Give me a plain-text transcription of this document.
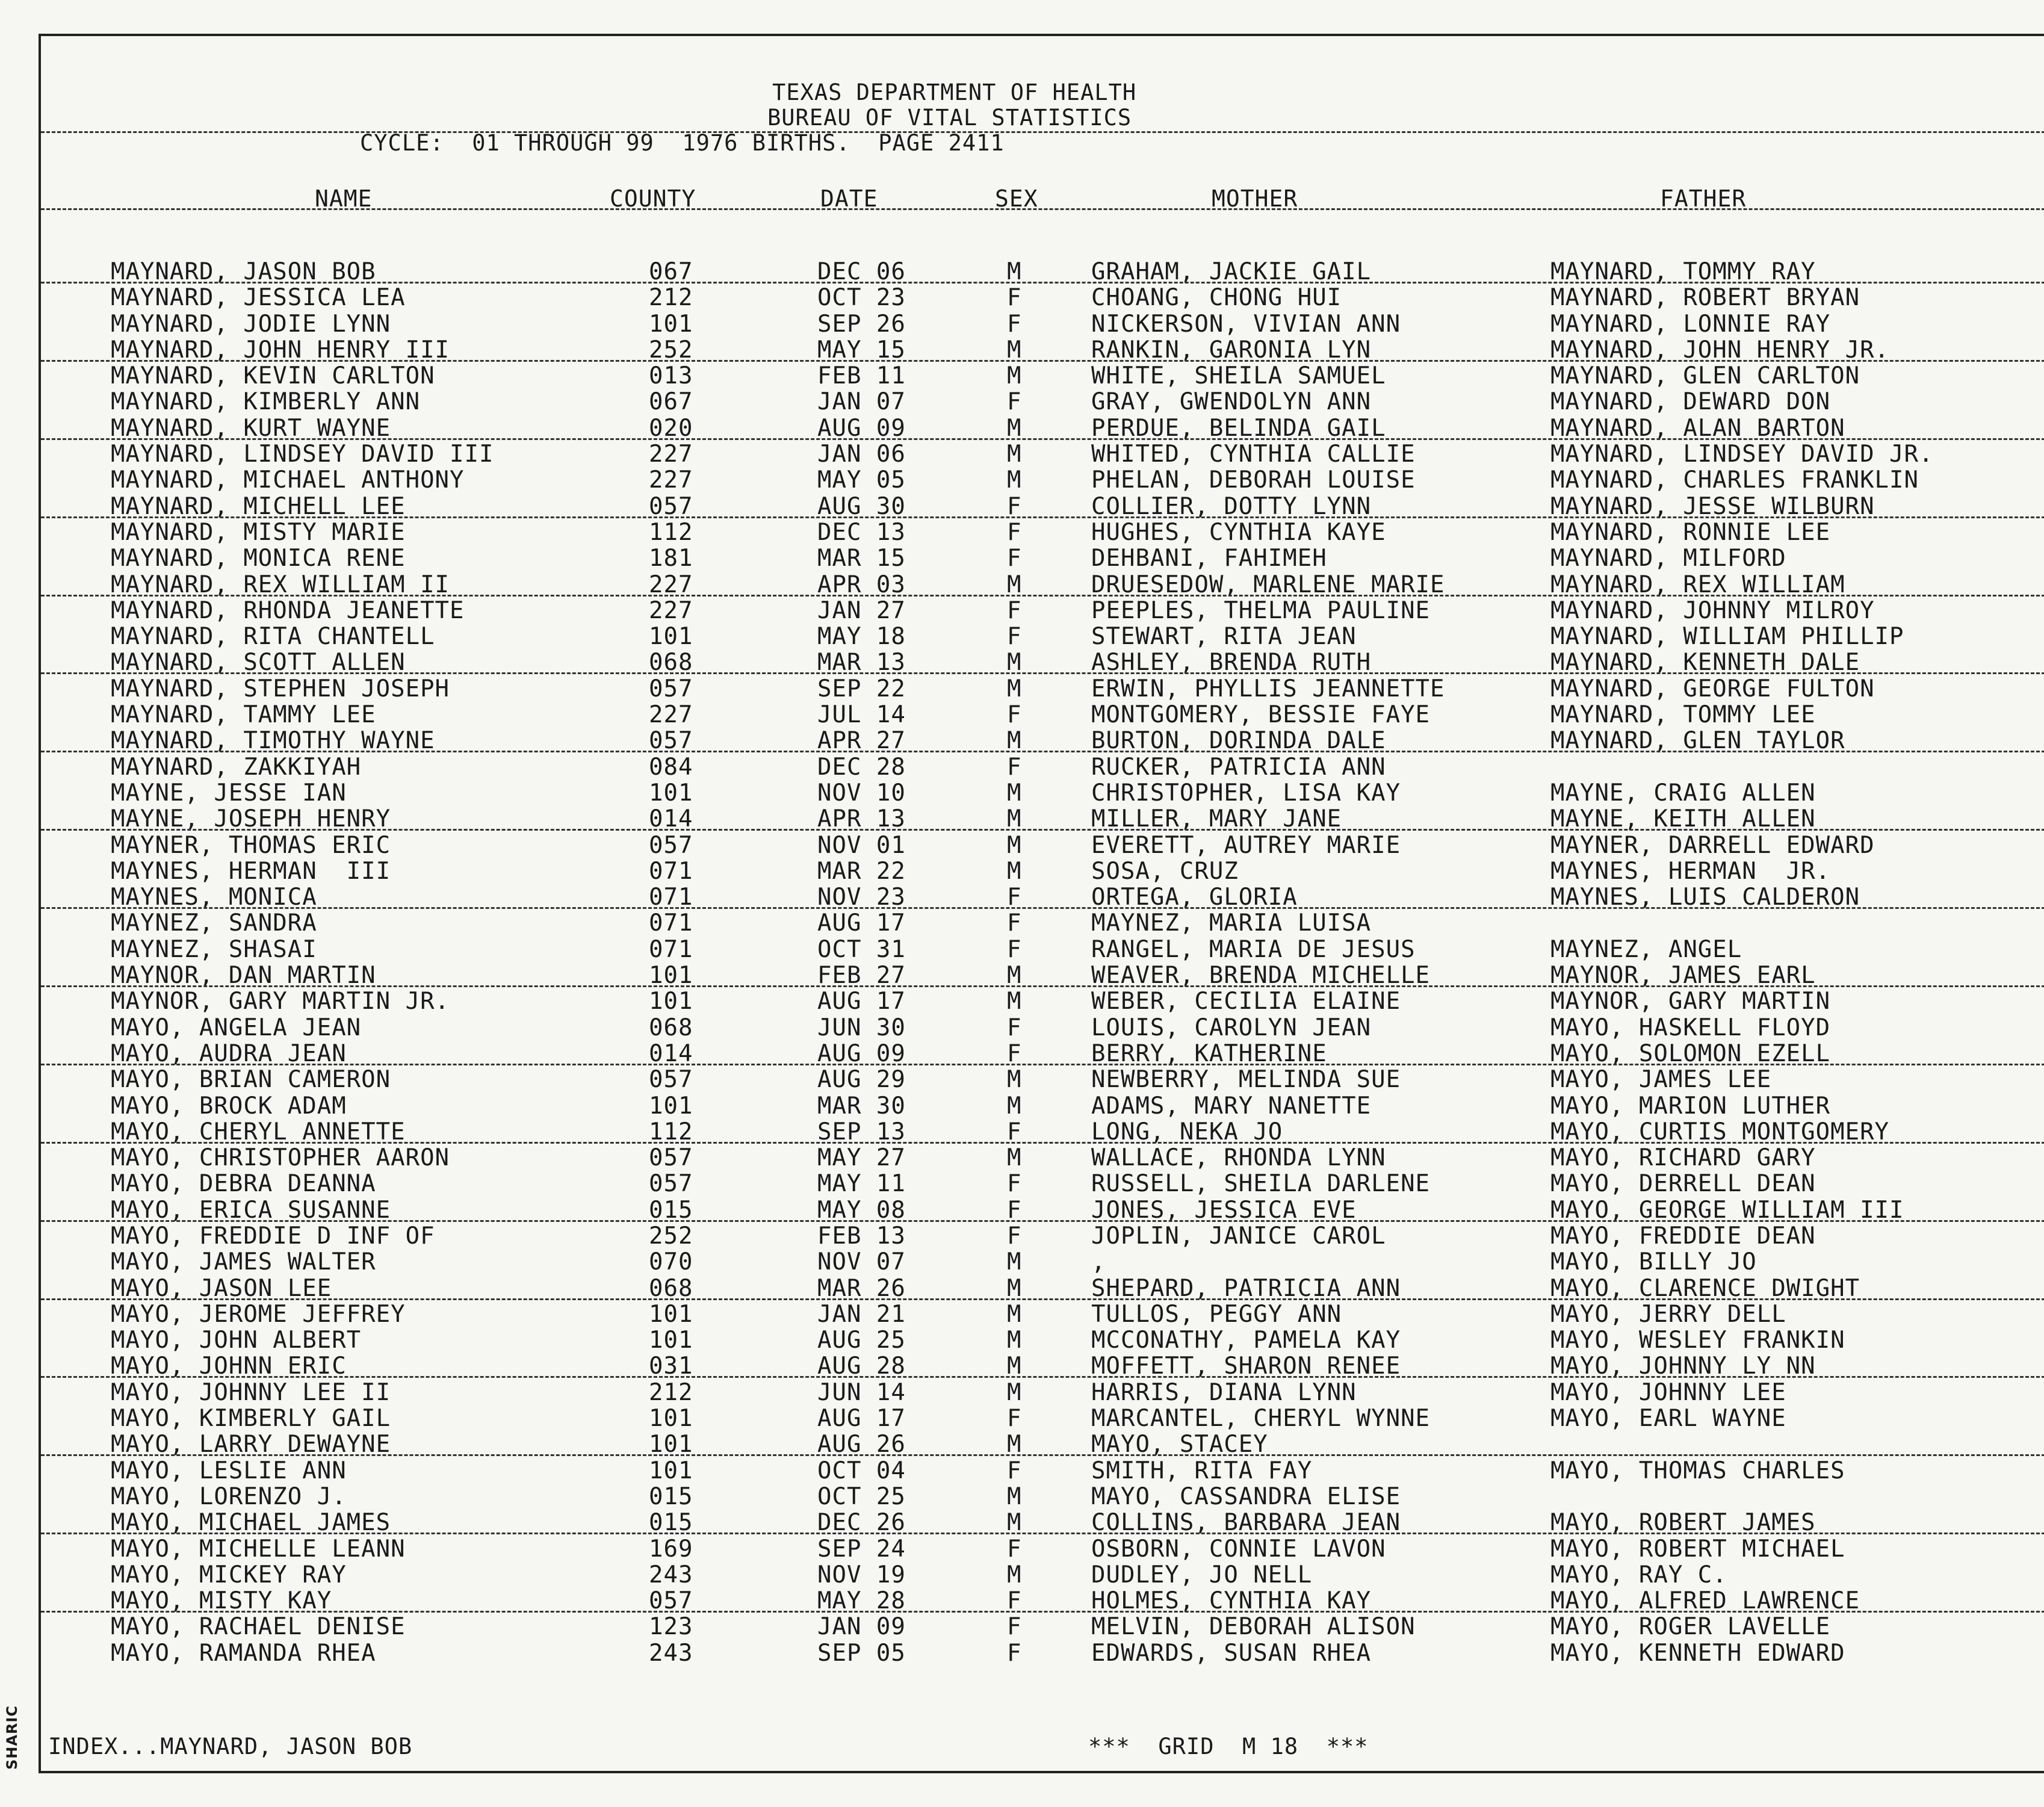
TEXAS DEPARTMENT OF HEALTH
BUREAU OF VITAL STATISTICS
CYCLE:  01 THROUGH 99  1976 BIRTHS.  PAGE 2411
NAME	COUNTY	DATE	SEX	MOTHER	FATHER
MAYNARD, JASON BOB	067	DEC 06	M	GRAHAM, JACKIE GAIL	MAYNARD, TOMMY RAY
MAYNARD, JESSICA LEA	212	OCT 23	F	CHOANG, CHONG HUI	MAYNARD, ROBERT BRYAN
MAYNARD, JODIE LYNN	101	SEP 26	F	NICKERSON, VIVIAN ANN	MAYNARD, LONNIE RAY
MAYNARD, JOHN HENRY III	252	MAY 15	M	RANKIN, GARONIA LYN	MAYNARD, JOHN HENRY JR.
MAYNARD, KEVIN CARLTON	013	FEB 11	M	WHITE, SHEILA SAMUEL	MAYNARD, GLEN CARLTON
MAYNARD, KIMBERLY ANN	067	JAN 07	F	GRAY, GWENDOLYN ANN	MAYNARD, DEWARD DON
MAYNARD, KURT WAYNE	020	AUG 09	M	PERDUE, BELINDA GAIL	MAYNARD, ALAN BARTON
MAYNARD, LINDSEY DAVID III	227	JAN 06	M	WHITED, CYNTHIA CALLIE	MAYNARD, LINDSEY DAVID JR.
MAYNARD, MICHAEL ANTHONY	227	MAY 05	M	PHELAN, DEBORAH LOUISE	MAYNARD, CHARLES FRANKLIN
MAYNARD, MICHELL LEE	057	AUG 30	F	COLLIER, DOTTY LYNN	MAYNARD, JESSE WILBURN
MAYNARD, MISTY MARIE	112	DEC 13	F	HUGHES, CYNTHIA KAYE	MAYNARD, RONNIE LEE
MAYNARD, MONICA RENE	181	MAR 15	F	DEHBANI, FAHIMEH	MAYNARD, MILFORD
MAYNARD, REX WILLIAM II	227	APR 03	M	DRUESEDOW, MARLENE MARIE	MAYNARD, REX WILLIAM
MAYNARD, RHONDA JEANETTE	227	JAN 27	F	PEEPLES, THELMA PAULINE	MAYNARD, JOHNNY MILROY
MAYNARD, RITA CHANTELL	101	MAY 18	F	STEWART, RITA JEAN	MAYNARD, WILLIAM PHILLIP
MAYNARD, SCOTT ALLEN	068	MAR 13	M	ASHLEY, BRENDA RUTH	MAYNARD, KENNETH DALE
MAYNARD, STEPHEN JOSEPH	057	SEP 22	M	ERWIN, PHYLLIS JEANNETTE	MAYNARD, GEORGE FULTON
MAYNARD, TAMMY LEE	227	JUL 14	F	MONTGOMERY, BESSIE FAYE	MAYNARD, TOMMY LEE
MAYNARD, TIMOTHY WAYNE	057	APR 27	M	BURTON, DORINDA DALE	MAYNARD, GLEN TAYLOR
MAYNARD, ZAKKIYAH	084	DEC 28	F	RUCKER, PATRICIA ANN
MAYNE, JESSE IAN	101	NOV 10	M	CHRISTOPHER, LISA KAY	MAYNE, CRAIG ALLEN
MAYNE, JOSEPH HENRY	014	APR 13	M	MILLER, MARY JANE	MAYNE, KEITH ALLEN
MAYNER, THOMAS ERIC	057	NOV 01	M	EVERETT, AUTREY MARIE	MAYNER, DARRELL EDWARD
MAYNES, HERMAN  III	071	MAR 22	M	SOSA, CRUZ	MAYNES, HERMAN  JR.
MAYNES, MONICA	071	NOV 23	F	ORTEGA, GLORIA	MAYNES, LUIS CALDERON
MAYNEZ, SANDRA	071	AUG 17	F	MAYNEZ, MARIA LUISA
MAYNEZ, SHASAI	071	OCT 31	F	RANGEL, MARIA DE JESUS	MAYNEZ, ANGEL
MAYNOR, DAN MARTIN	101	FEB 27	M	WEAVER, BRENDA MICHELLE	MAYNOR, JAMES EARL
MAYNOR, GARY MARTIN JR.	101	AUG 17	M	WEBER, CECILIA ELAINE	MAYNOR, GARY MARTIN
MAYO, ANGELA JEAN	068	JUN 30	F	LOUIS, CAROLYN JEAN	MAYO, HASKELL FLOYD
MAYO, AUDRA JEAN	014	AUG 09	F	BERRY, KATHERINE	MAYO, SOLOMON EZELL
MAYO, BRIAN CAMERON	057	AUG 29	M	NEWBERRY, MELINDA SUE	MAYO, JAMES LEE
MAYO, BROCK ADAM	101	MAR 30	M	ADAMS, MARY NANETTE	MAYO, MARION LUTHER
MAYO, CHERYL ANNETTE	112	SEP 13	F	LONG, NEKA JO	MAYO, CURTIS MONTGOMERY
MAYO, CHRISTOPHER AARON	057	MAY 27	M	WALLACE, RHONDA LYNN	MAYO, RICHARD GARY
MAYO, DEBRA DEANNA	057	MAY 11	F	RUSSELL, SHEILA DARLENE	MAYO, DERRELL DEAN
MAYO, ERICA SUSANNE	015	MAY 08	F	JONES, JESSICA EVE	MAYO, GEORGE WILLIAM III
MAYO, FREDDIE D INF OF	252	FEB 13	F	JOPLIN, JANICE CAROL	MAYO, FREDDIE DEAN
MAYO, JAMES WALTER	070	NOV 07	M	,	MAYO, BILLY JO
MAYO, JASON LEE	068	MAR 26	M	SHEPARD, PATRICIA ANN	MAYO, CLARENCE DWIGHT
MAYO, JEROME JEFFREY	101	JAN 21	M	TULLOS, PEGGY ANN	MAYO, JERRY DELL
MAYO, JOHN ALBERT	101	AUG 25	M	MCCONATHY, PAMELA KAY	MAYO, WESLEY FRANKIN
MAYO, JOHNN ERIC	031	AUG 28	M	MOFFETT, SHARON RENEE	MAYO, JOHNNY LY NN
MAYO, JOHNNY LEE II	212	JUN 14	M	HARRIS, DIANA LYNN	MAYO, JOHNNY LEE
MAYO, KIMBERLY GAIL	101	AUG 17	F	MARCANTEL, CHERYL WYNNE	MAYO, EARL WAYNE
MAYO, LARRY DEWAYNE	101	AUG 26	M	MAYO, STACEY
MAYO, LESLIE ANN	101	OCT 04	F	SMITH, RITA FAY	MAYO, THOMAS CHARLES
MAYO, LORENZO J.	015	OCT 25	M	MAYO, CASSANDRA ELISE
MAYO, MICHAEL JAMES	015	DEC 26	M	COLLINS, BARBARA JEAN	MAYO, ROBERT JAMES
MAYO, MICHELLE LEANN	169	SEP 24	F	OSBORN, CONNIE LAVON	MAYO, ROBERT MICHAEL
MAYO, MICKEY RAY	243	NOV 19	M	DUDLEY, JO NELL	MAYO, RAY C.
MAYO, MISTY KAY	057	MAY 28	F	HOLMES, CYNTHIA KAY	MAYO, ALFRED LAWRENCE
MAYO, RACHAEL DENISE	123	JAN 09	F	MELVIN, DEBORAH ALISON	MAYO, ROGER LAVELLE
MAYO, RAMANDA RHEA	243	SEP 05	F	EDWARDS, SUSAN RHEA	MAYO, KENNETH EDWARD
INDEX...MAYNARD, JASON BOB	***  GRID  M 18  ***
SHARIC
